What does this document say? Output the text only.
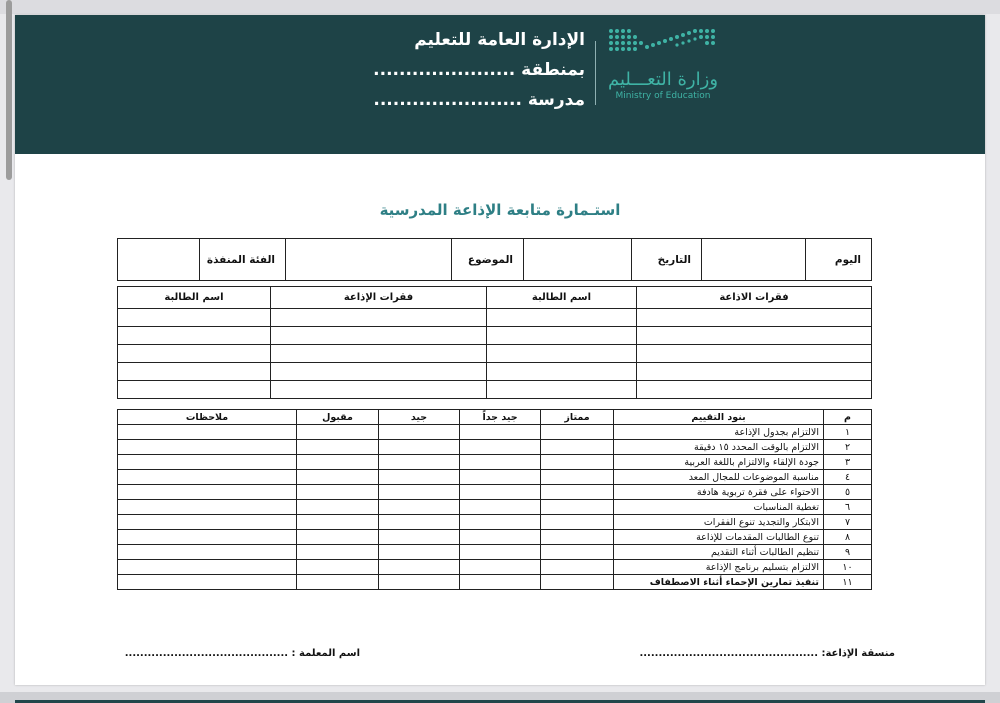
الإدارة العامة للتعليم
بمنطقة ......................
مدرسة .......................
وزارة التعـــليم
Ministry of Education
استـمارة متابعة الإذاعة المدرسية
اليوم		التاريخ		الموضوع		الفئة المنفذة	
فقرات الاذاعة	اسم الطالبة	فقرات الإذاعة	اسم الطالبة

م	بنود التقييم	ممتاز	جيد جداً	جيد	مقبول	ملاحظات
١	الالتزام بجدول الإذاعة					
٢	الالتزام بالوقت المحدد ١٥ دقيقة					
٣	جودة الإلقاء والالتزام باللغة العربية					
٤	مناسبة الموضوعات للمجال المعد					
٥	الاحتواء على فقرة تربوية هادفة					
٦	تغطية المناسبات					
٧	الابتكار والتجديد تنوع الفقرات					
٨	تنوع الطالبات المقدمات للإذاعة					
٩	تنظيم الطالبات أثناء التقديم					
١٠	الالتزام بتسليم برنامج الإذاعة					
١١	تنفيذ تمارين الإحماء أثناء الاصطفاف					
منسقة الإذاعة: ...............................................
اسم المعلمة : ...........................................
